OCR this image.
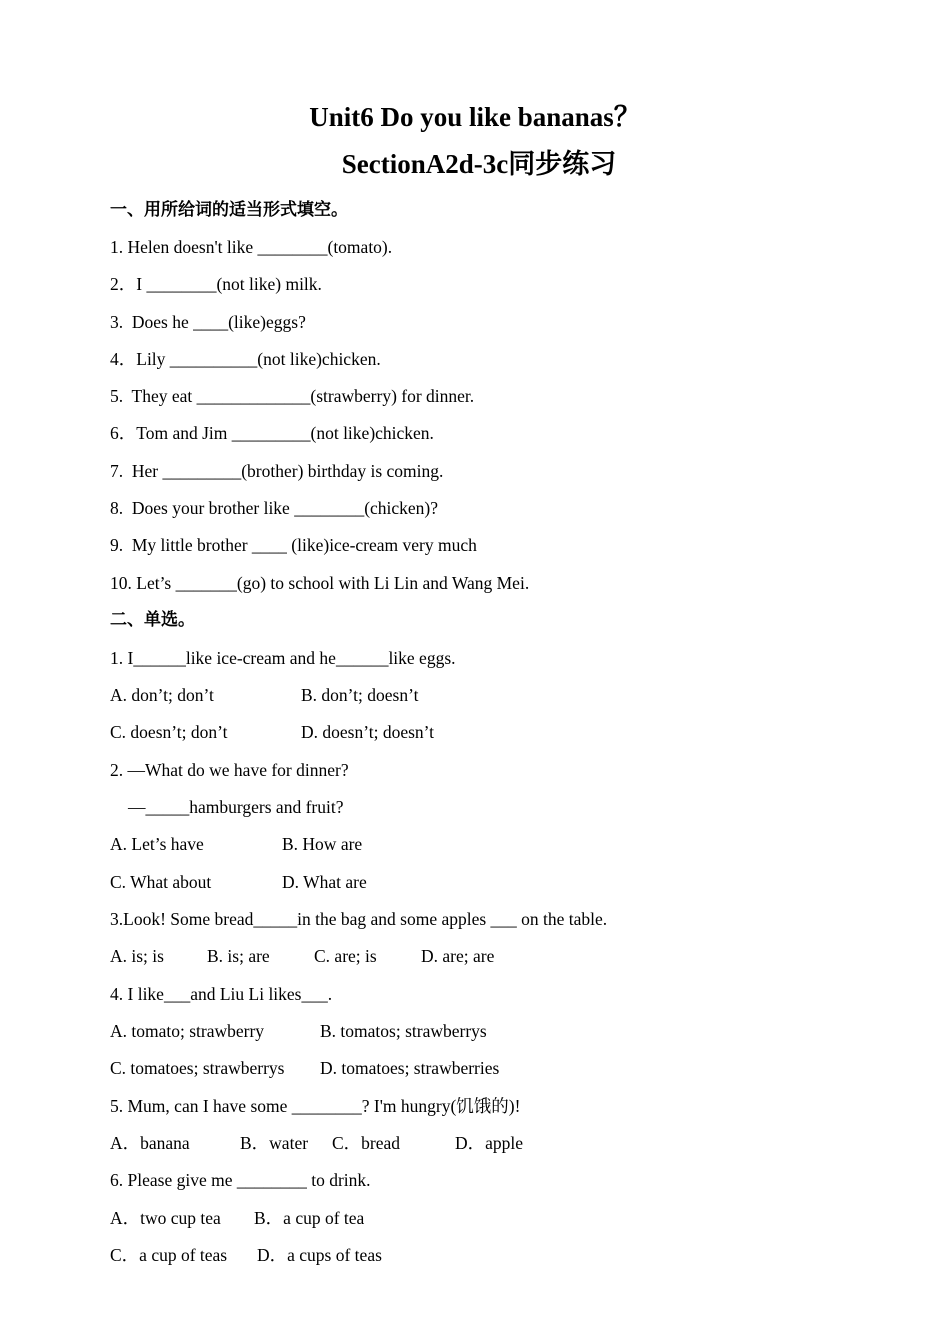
Unit6 Do you like bananas？
SectionA2d-3c同步练习
一、用所给词的适当形式填空。
1. Helen doesn't like ________(tomato).
2．I ________(not like) milk.
3.  Does he ____(like)eggs?
4．Lily __________(not like)chicken.
5.  They eat _____________(strawberry) for dinner.
6．Tom and Jim _________(not like)chicken.
7.  Her _________(brother) birthday is coming.
8.  Does your brother like ________(chicken)?
9.  My little brother ____ (like)ice-cream very much
10. Let’s _______(go) to school with Li Lin and Wang Mei.
二、单选。
1. I______like ice-cream and he______like eggs.
A. don’t; don’t	B. don’t; doesn’t
C. doesn’t; don’t	D. doesn’t; doesn’t
2. —What do we have for dinner?
—_____hamburgers and fruit?
A. Let’s have	B. How are
C. What about	D. What are
3.Look! Some bread_____in the bag and some apples ___ on the table.
A. is; is B. is; are	C. are; is	D. are; are
4. I like___and Liu Li likes___.
A. tomato; strawberry	B. tomatos; strawberrys
C. tomatoes; strawberrys D. tomatoes; strawberries
5. Mum, can I have some ________? I'm hungry(饥饿的)!
A．banana	B．water C．bread	D．apple
6. Please give me ________ to drink.
A．two cup tea B．a cup of tea
C．a cup of teas D．a cups of teas
